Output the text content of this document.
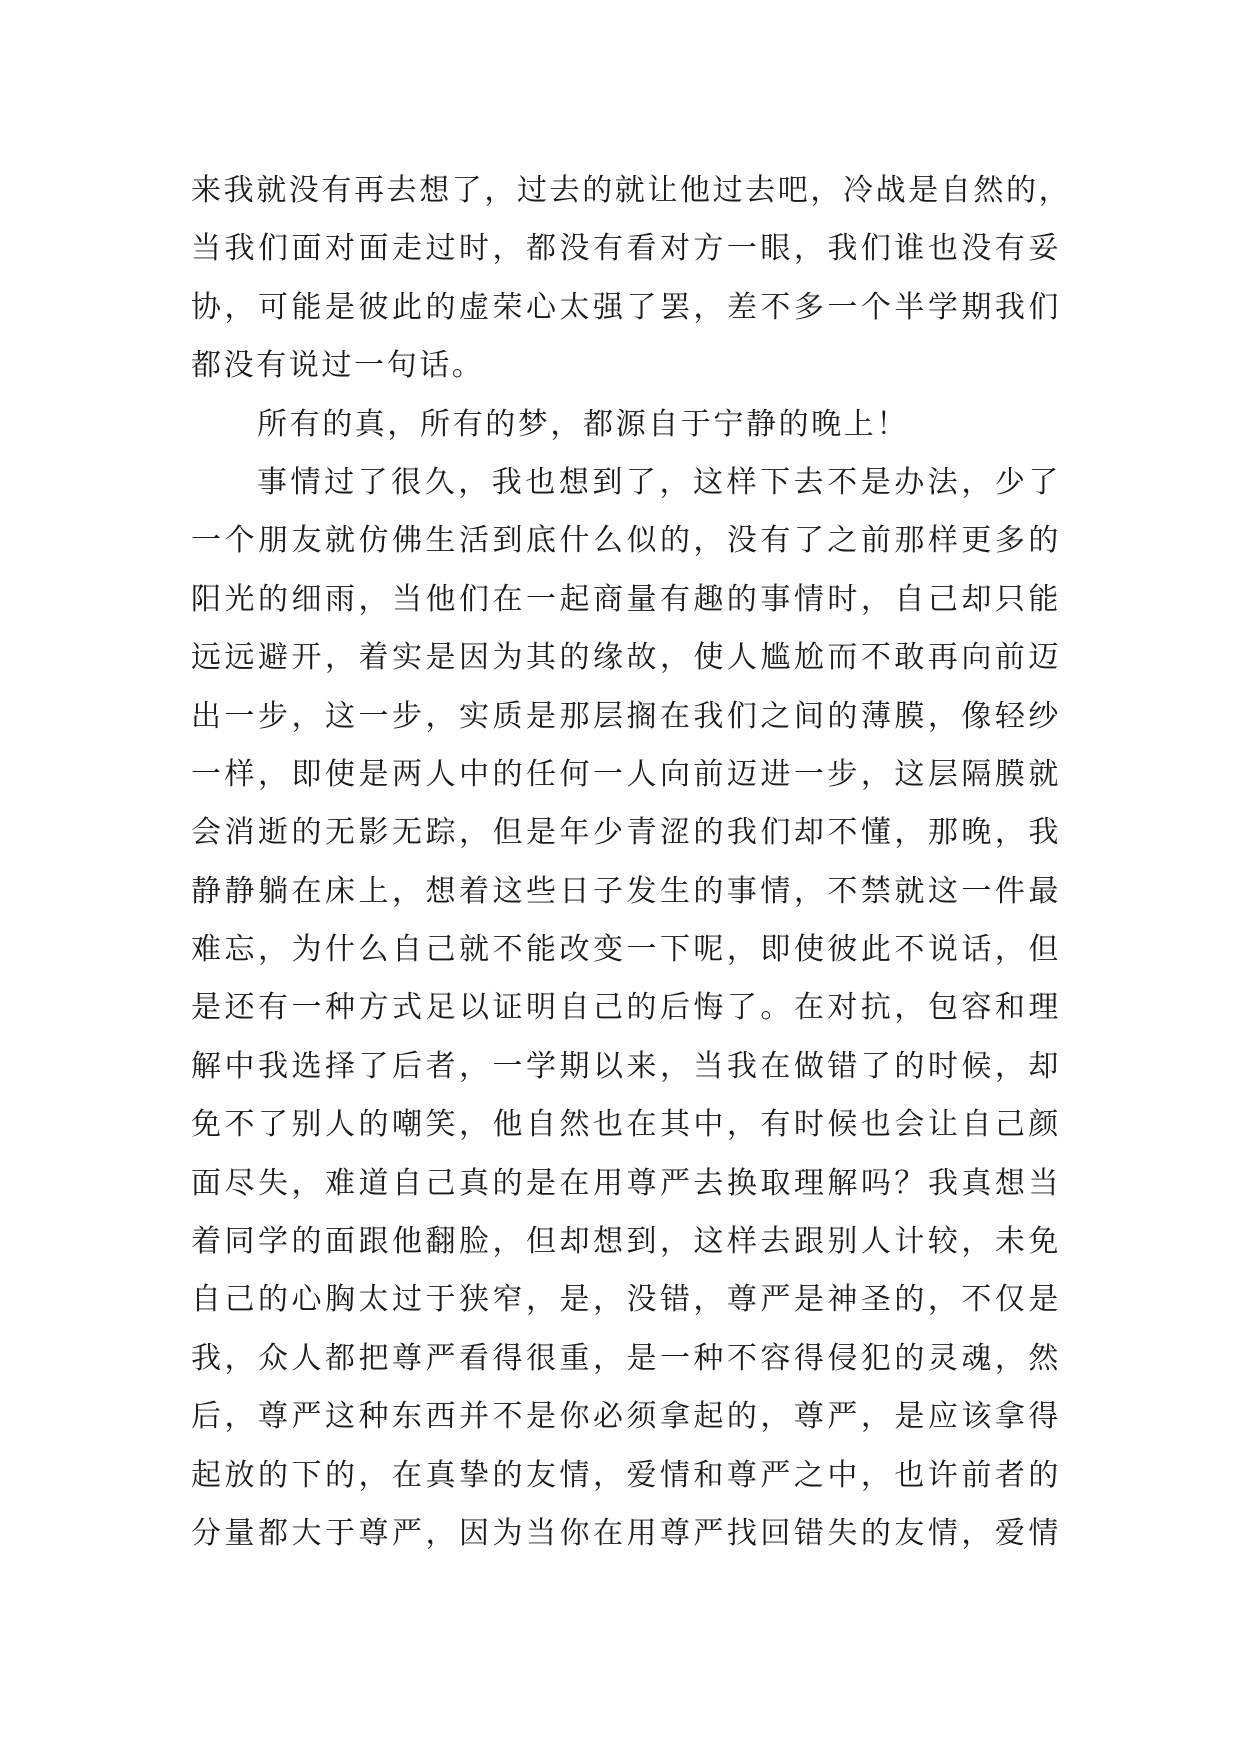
来我就没有再去想了，过去的就让他过去吧，冷战是自然的，
当我们面对面走过时，都没有看对方一眼，我们谁也没有妥
协，可能是彼此的虚荣心太强了罢，差不多一个半学期我们
都没有说过一句话。
所有的真，所有的梦，都源自于宁静的晚上！
事情过了很久，我也想到了，这样下去不是办法，少了
一个朋友就仿佛生活到底什么似的，没有了之前那样更多的
阳光的细雨，当他们在一起商量有趣的事情时，自己却只能
远远避开，着实是因为其的缘故，使人尴尬而不敢再向前迈
出一步，这一步，实质是那层搁在我们之间的薄膜，像轻纱
一样，即使是两人中的任何一人向前迈进一步，这层隔膜就
会消逝的无影无踪，但是年少青涩的我们却不懂，那晚，我
静静躺在床上，想着这些日子发生的事情，不禁就这一件最
难忘，为什么自己就不能改变一下呢，即使彼此不说话，但
是还有一种方式足以证明自己的后悔了。在对抗，包容和理
解中我选择了后者，一学期以来，当我在做错了的时候，却
免不了别人的嘲笑，他自然也在其中，有时候也会让自己颜
面尽失，难道自己真的是在用尊严去换取理解吗？我真想当
着同学的面跟他翻脸，但却想到，这样去跟别人计较，未免
自己的心胸太过于狭窄，是，没错，尊严是神圣的，不仅是
我，众人都把尊严看得很重，是一种不容得侵犯的灵魂，然
后，尊严这种东西并不是你必须拿起的，尊严，是应该拿得
起放的下的，在真挚的友情，爱情和尊严之中，也许前者的
分量都大于尊严，因为当你在用尊严找回错失的友情，爱情
